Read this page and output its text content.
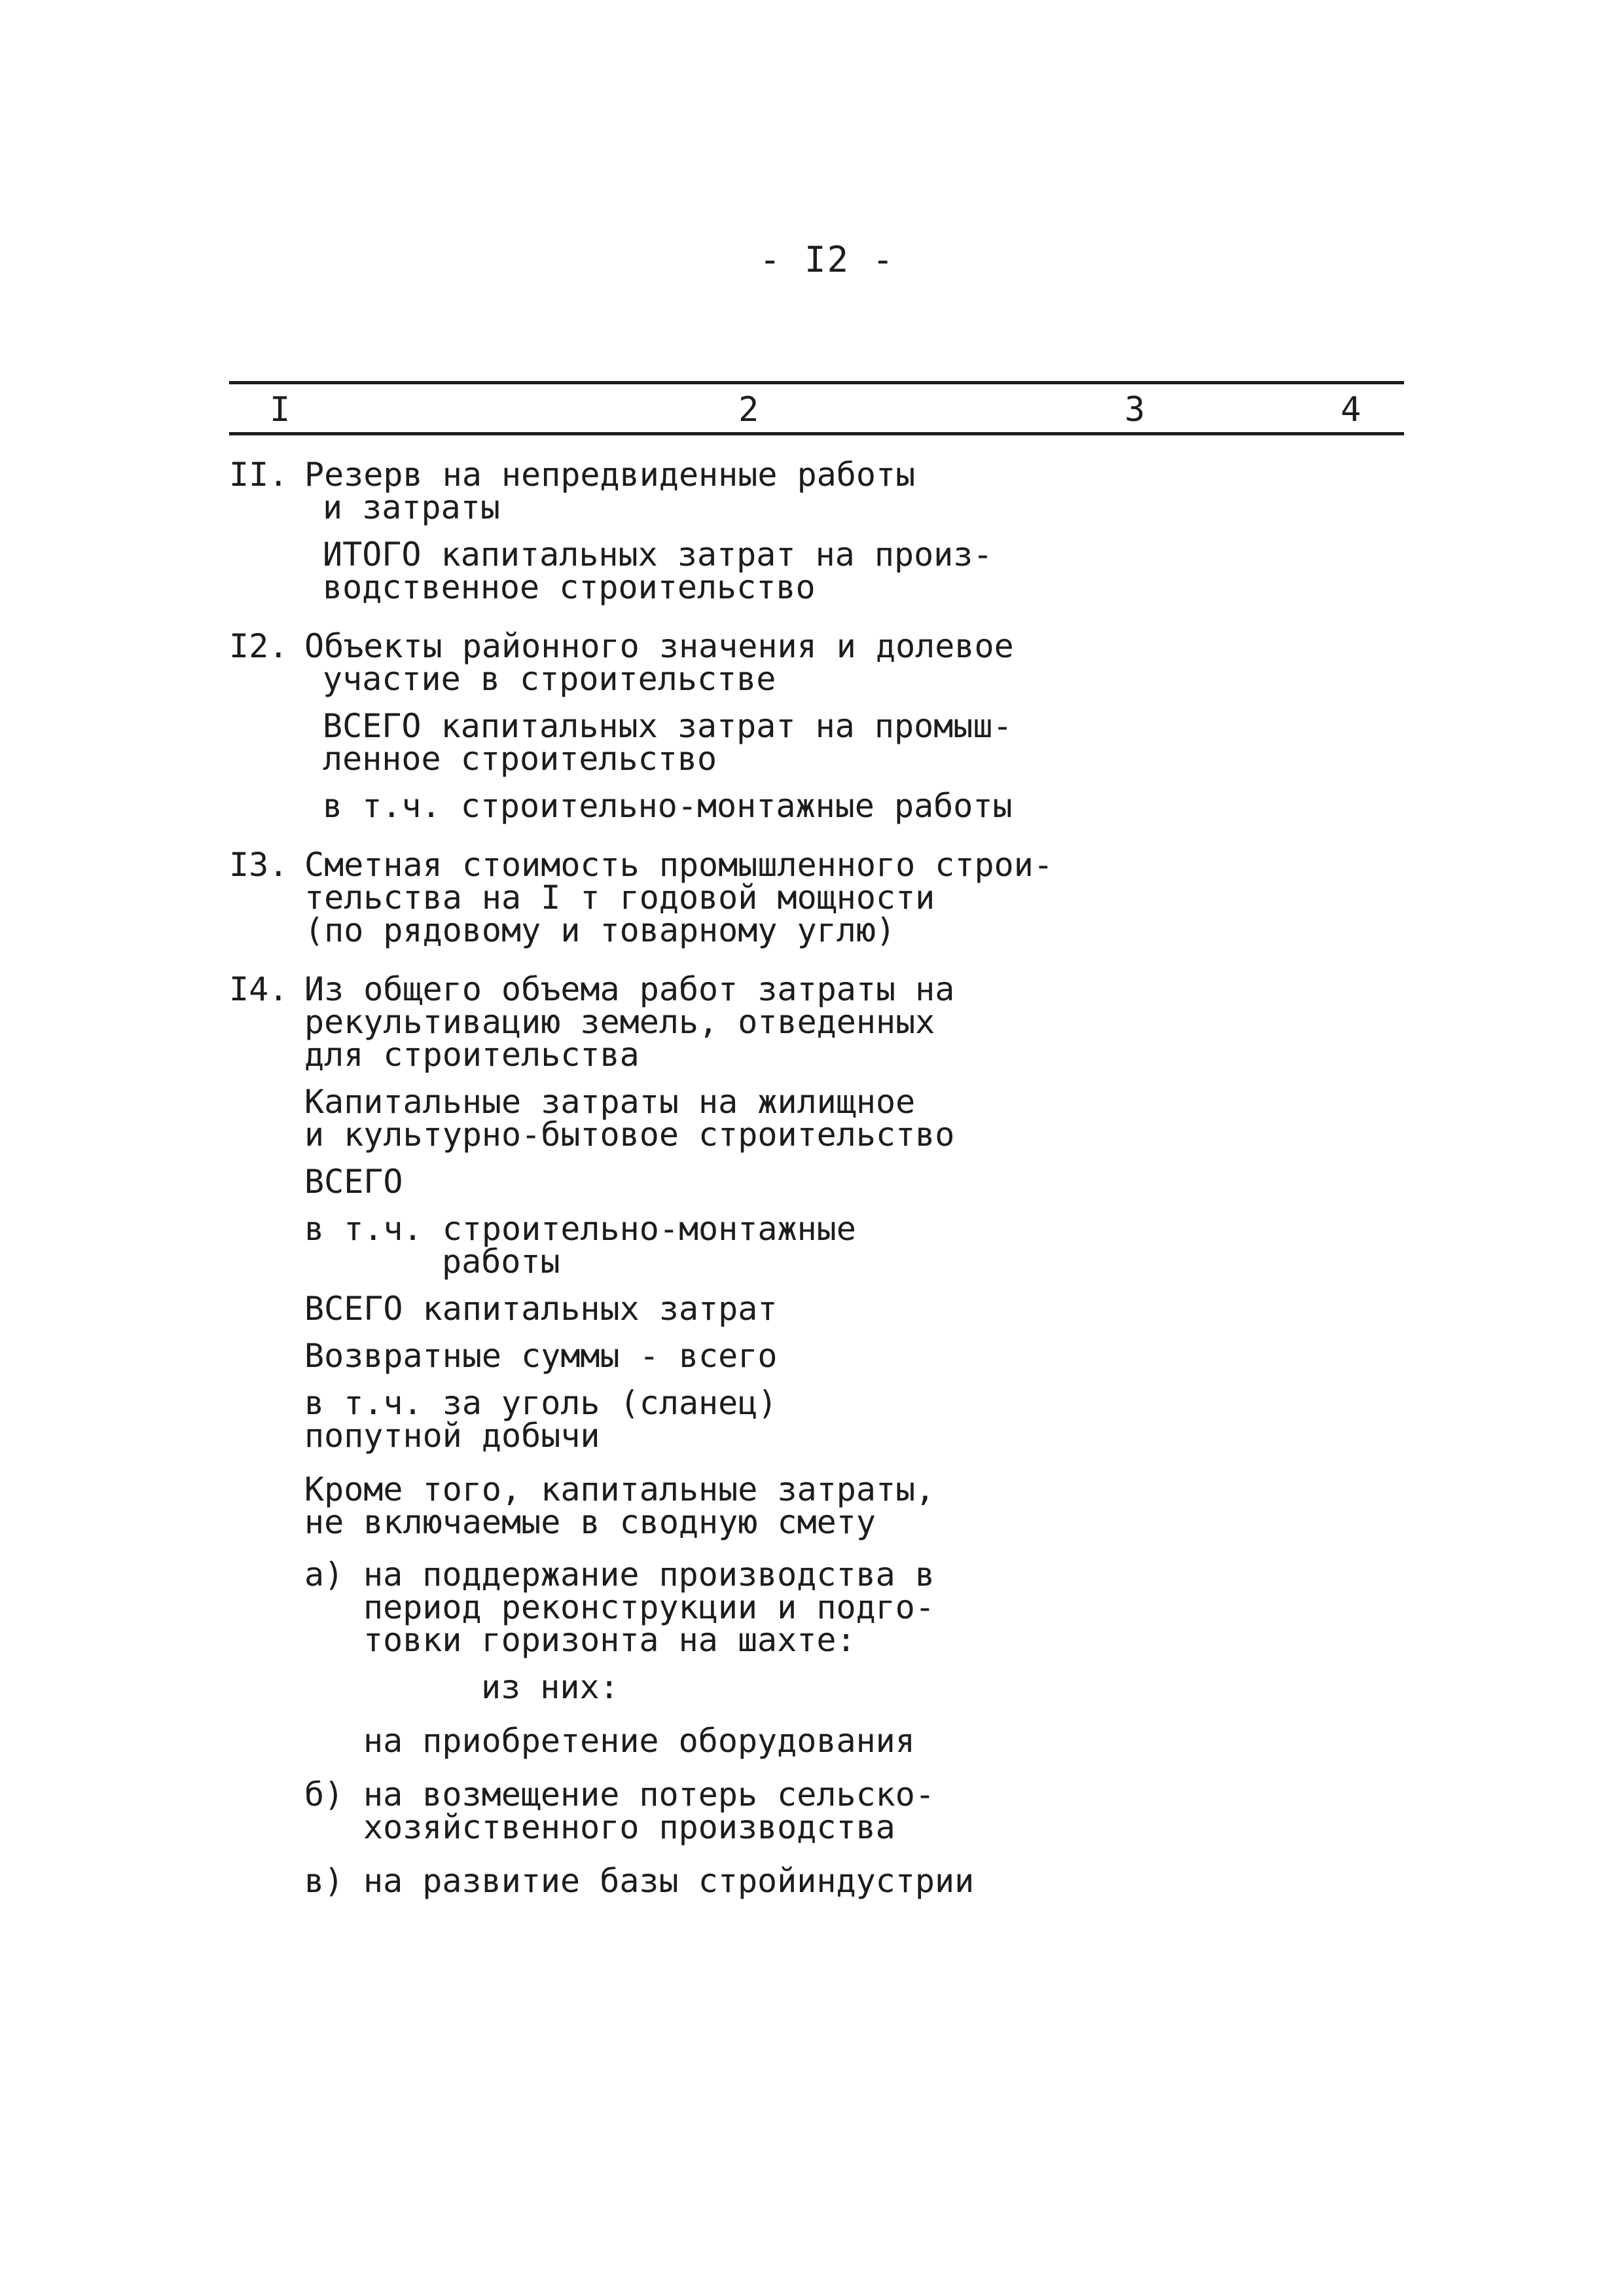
- I2 -
I	2	3	4
II. Резерв на непредвиденные работы
и затраты
ИТОГО капитальных затрат на произ-
водственное строительство
I2. Объекты районного значения и долевое
участие в строительстве
ВСЕГО капитальных затрат на промыш-
ленное строительство
в т.ч. строительно-монтажные работы
I3. Сметная стоимость промышленного строи-
тельства на I т годовой мощности
(по рядовому и товарному углю)
I4. Из общего объема работ затраты на
рекультивацию земель, отведенных
для строительства
Капитальные затраты на жилищное
и культурно-бытовое строительство
ВСЕГО
в т.ч. строительно-монтажные
работы
ВСЕГО капитальных затрат
Возвратные суммы - всего
в т.ч. за уголь (сланец)
попутной добычи
Кроме того, капитальные затраты,
не включаемые в сводную смету
а) на поддержание производства в
период реконструкции и подго-
товки горизонта на шахте:
из них:
на приобретение оборудования
б) на возмещение потерь сельско-
хозяйственного производства
в) на развитие базы стройиндустрии
